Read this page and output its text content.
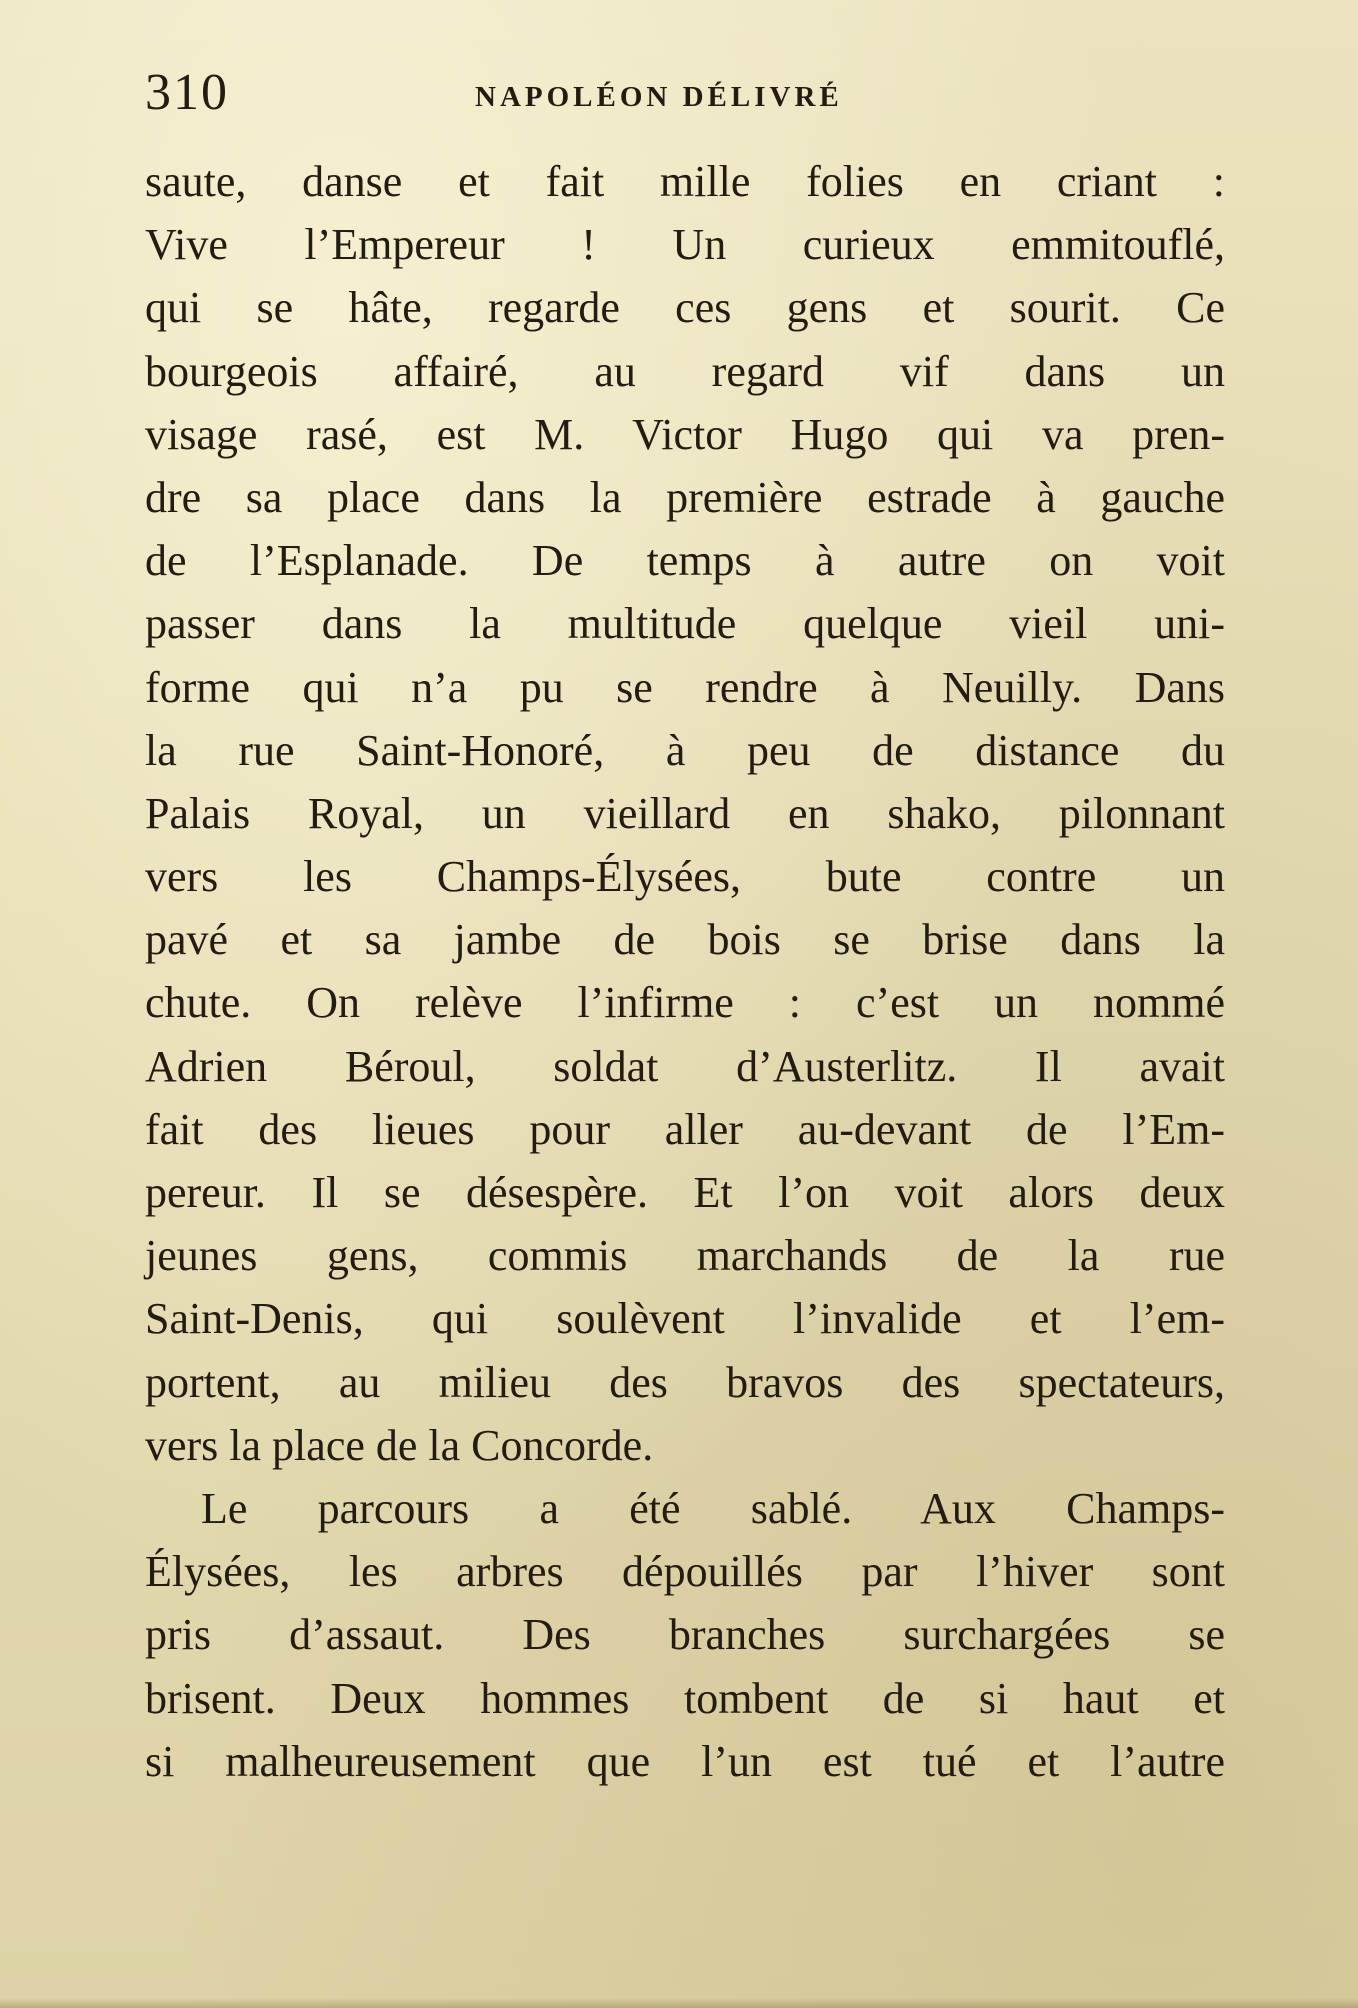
310	NAPOLÉON DÉLIVRÉ
saute, danse et fait mille folies en criant :
Vive l’Empereur ! Un curieux emmitouflé,
qui se hâte, regarde ces gens et sourit. Ce
bourgeois affairé, au regard vif dans un
visage rasé, est M. Victor Hugo qui va pren-
dre sa place dans la première estrade à gauche
de l’Esplanade. De temps à autre on voit
passer dans la multitude quelque vieil uni-
forme qui n’a pu se rendre à Neuilly. Dans
la rue Saint-Honoré, à peu de distance du
Palais Royal, un vieillard en shako, pilonnant
vers les Champs-Élysées, bute contre un
pavé et sa jambe de bois se brise dans la
chute. On relève l’infirme : c’est un nommé
Adrien Béroul, soldat d’Austerlitz. Il avait
fait des lieues pour aller au-devant de l’Em-
pereur. Il se désespère. Et l’on voit alors deux
jeunes gens, commis marchands de la rue
Saint-Denis, qui soulèvent l’invalide et l’em-
portent, au milieu des bravos des spectateurs,
vers la place de la Concorde.
Le parcours a été sablé. Aux Champs-
Élysées, les arbres dépouillés par l’hiver sont
pris d’assaut. Des branches surchargées se
brisent. Deux hommes tombent de si haut et
si malheureusement que l’un est tué et l’autre
